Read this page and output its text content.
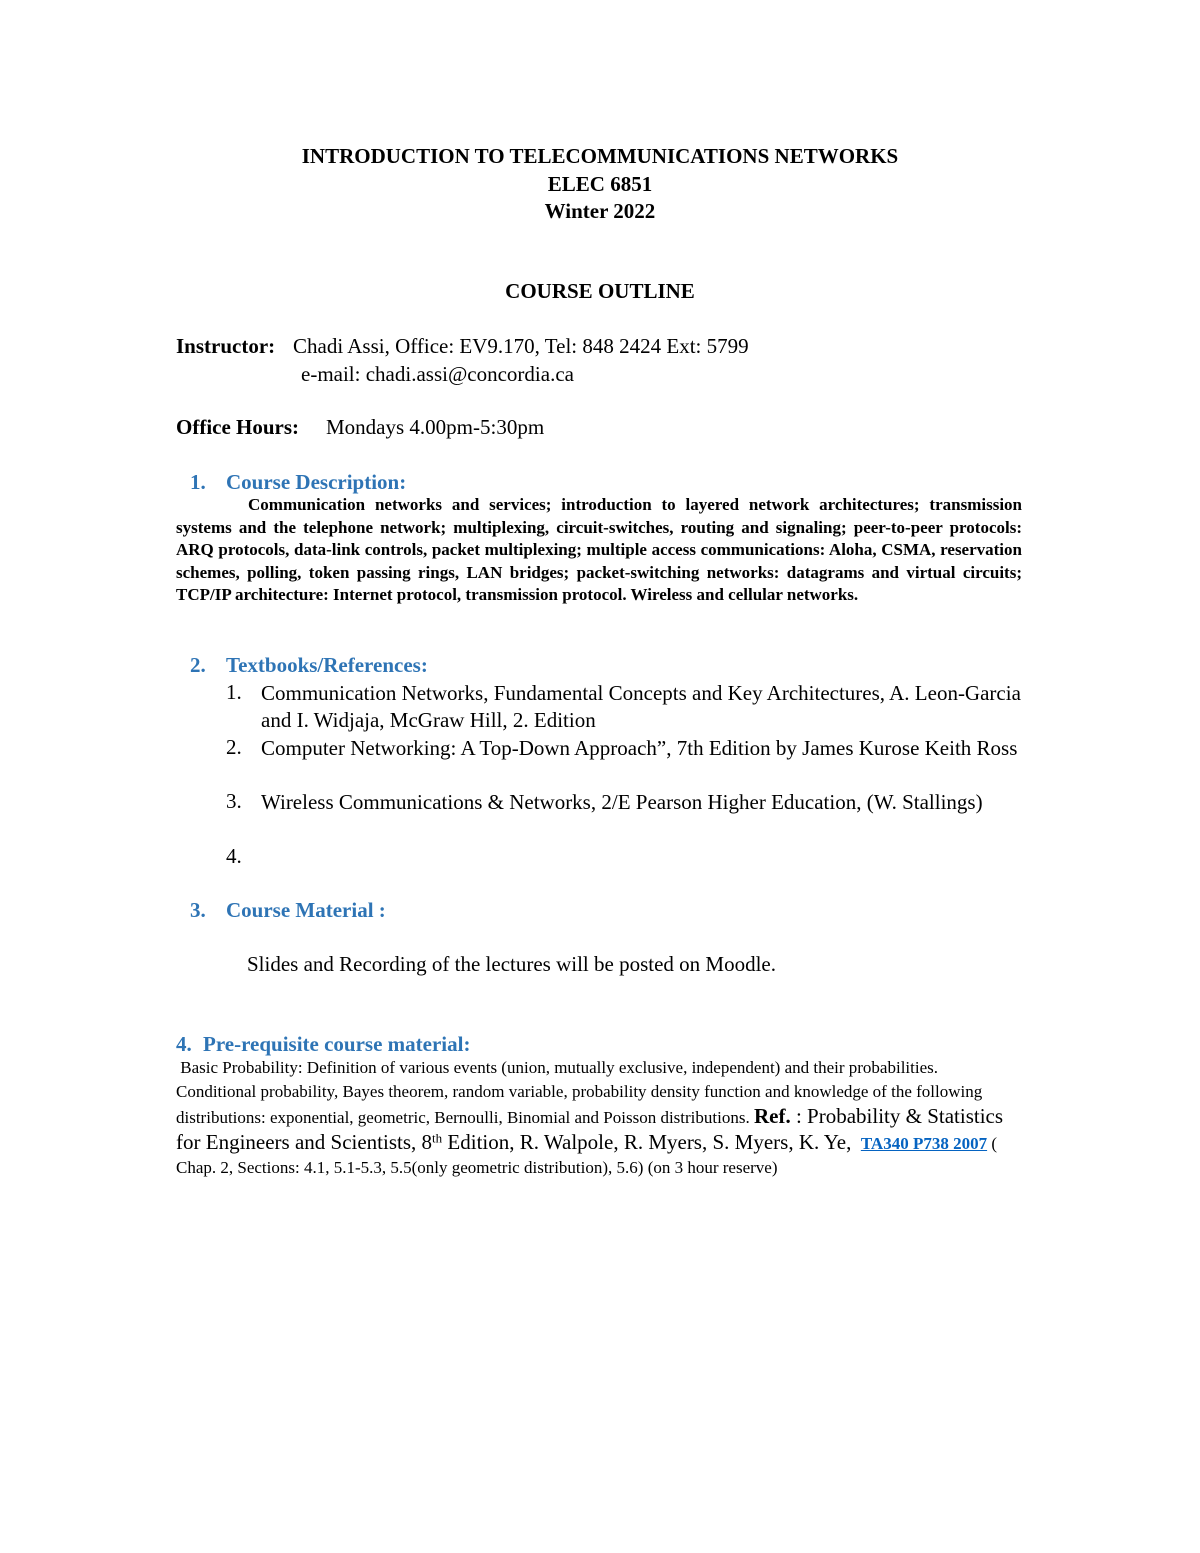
INTRODUCTION TO TELECOMMUNICATIONS NETWORKS
ELEC 6851
Winter 2022
COURSE OUTLINE
Instructor: Chadi Assi, Office: EV9.170, Tel: 848 2424 Ext: 5799
e-mail: chadi.assi@concordia.ca
Office Hours: Mondays 4.00pm-5:30pm
1. Course Description:
Communication networks and services; introduction to layered network architectures; transmission systems and the telephone network; multiplexing, circuit-switches, routing and signaling; peer-to-peer protocols: ARQ protocols, data-link controls, packet multiplexing; multiple access communications: Aloha, CSMA, reservation schemes, polling, token passing rings, LAN bridges; packet-switching networks: datagrams and virtual circuits; TCP/IP architecture: Internet protocol, transmission protocol. Wireless and cellular networks.
2. Textbooks/References:
1. Communication Networks, Fundamental Concepts and Key Architectures, A. Leon-Garcia and I. Widjaja, McGraw Hill, 2. Edition
2. Computer Networking: A Top-Down Approach”, 7th Edition by James Kurose Keith Ross
3. Wireless Communications & Networks, 2/E Pearson Higher Education, (W. Stallings)
4.
3. Course Material :
Slides and Recording of the lectures will be posted on Moodle.
4. Pre-requisite course material:
Basic Probability: Definition of various events (union, mutually exclusive, independent) and their probabilities. Conditional probability, Bayes theorem, random variable, probability density function and knowledge of the following distributions: exponential, geometric, Bernoulli, Binomial and Poisson distributions. Ref. : Probability & Statistics for Engineers and Scientists, 8th Edition, R. Walpole, R. Myers, S. Myers, K. Ye,  TA340 P738 2007 ( Chap. 2, Sections: 4.1, 5.1-5.3, 5.5(only geometric distribution), 5.6) (on 3 hour reserve)
